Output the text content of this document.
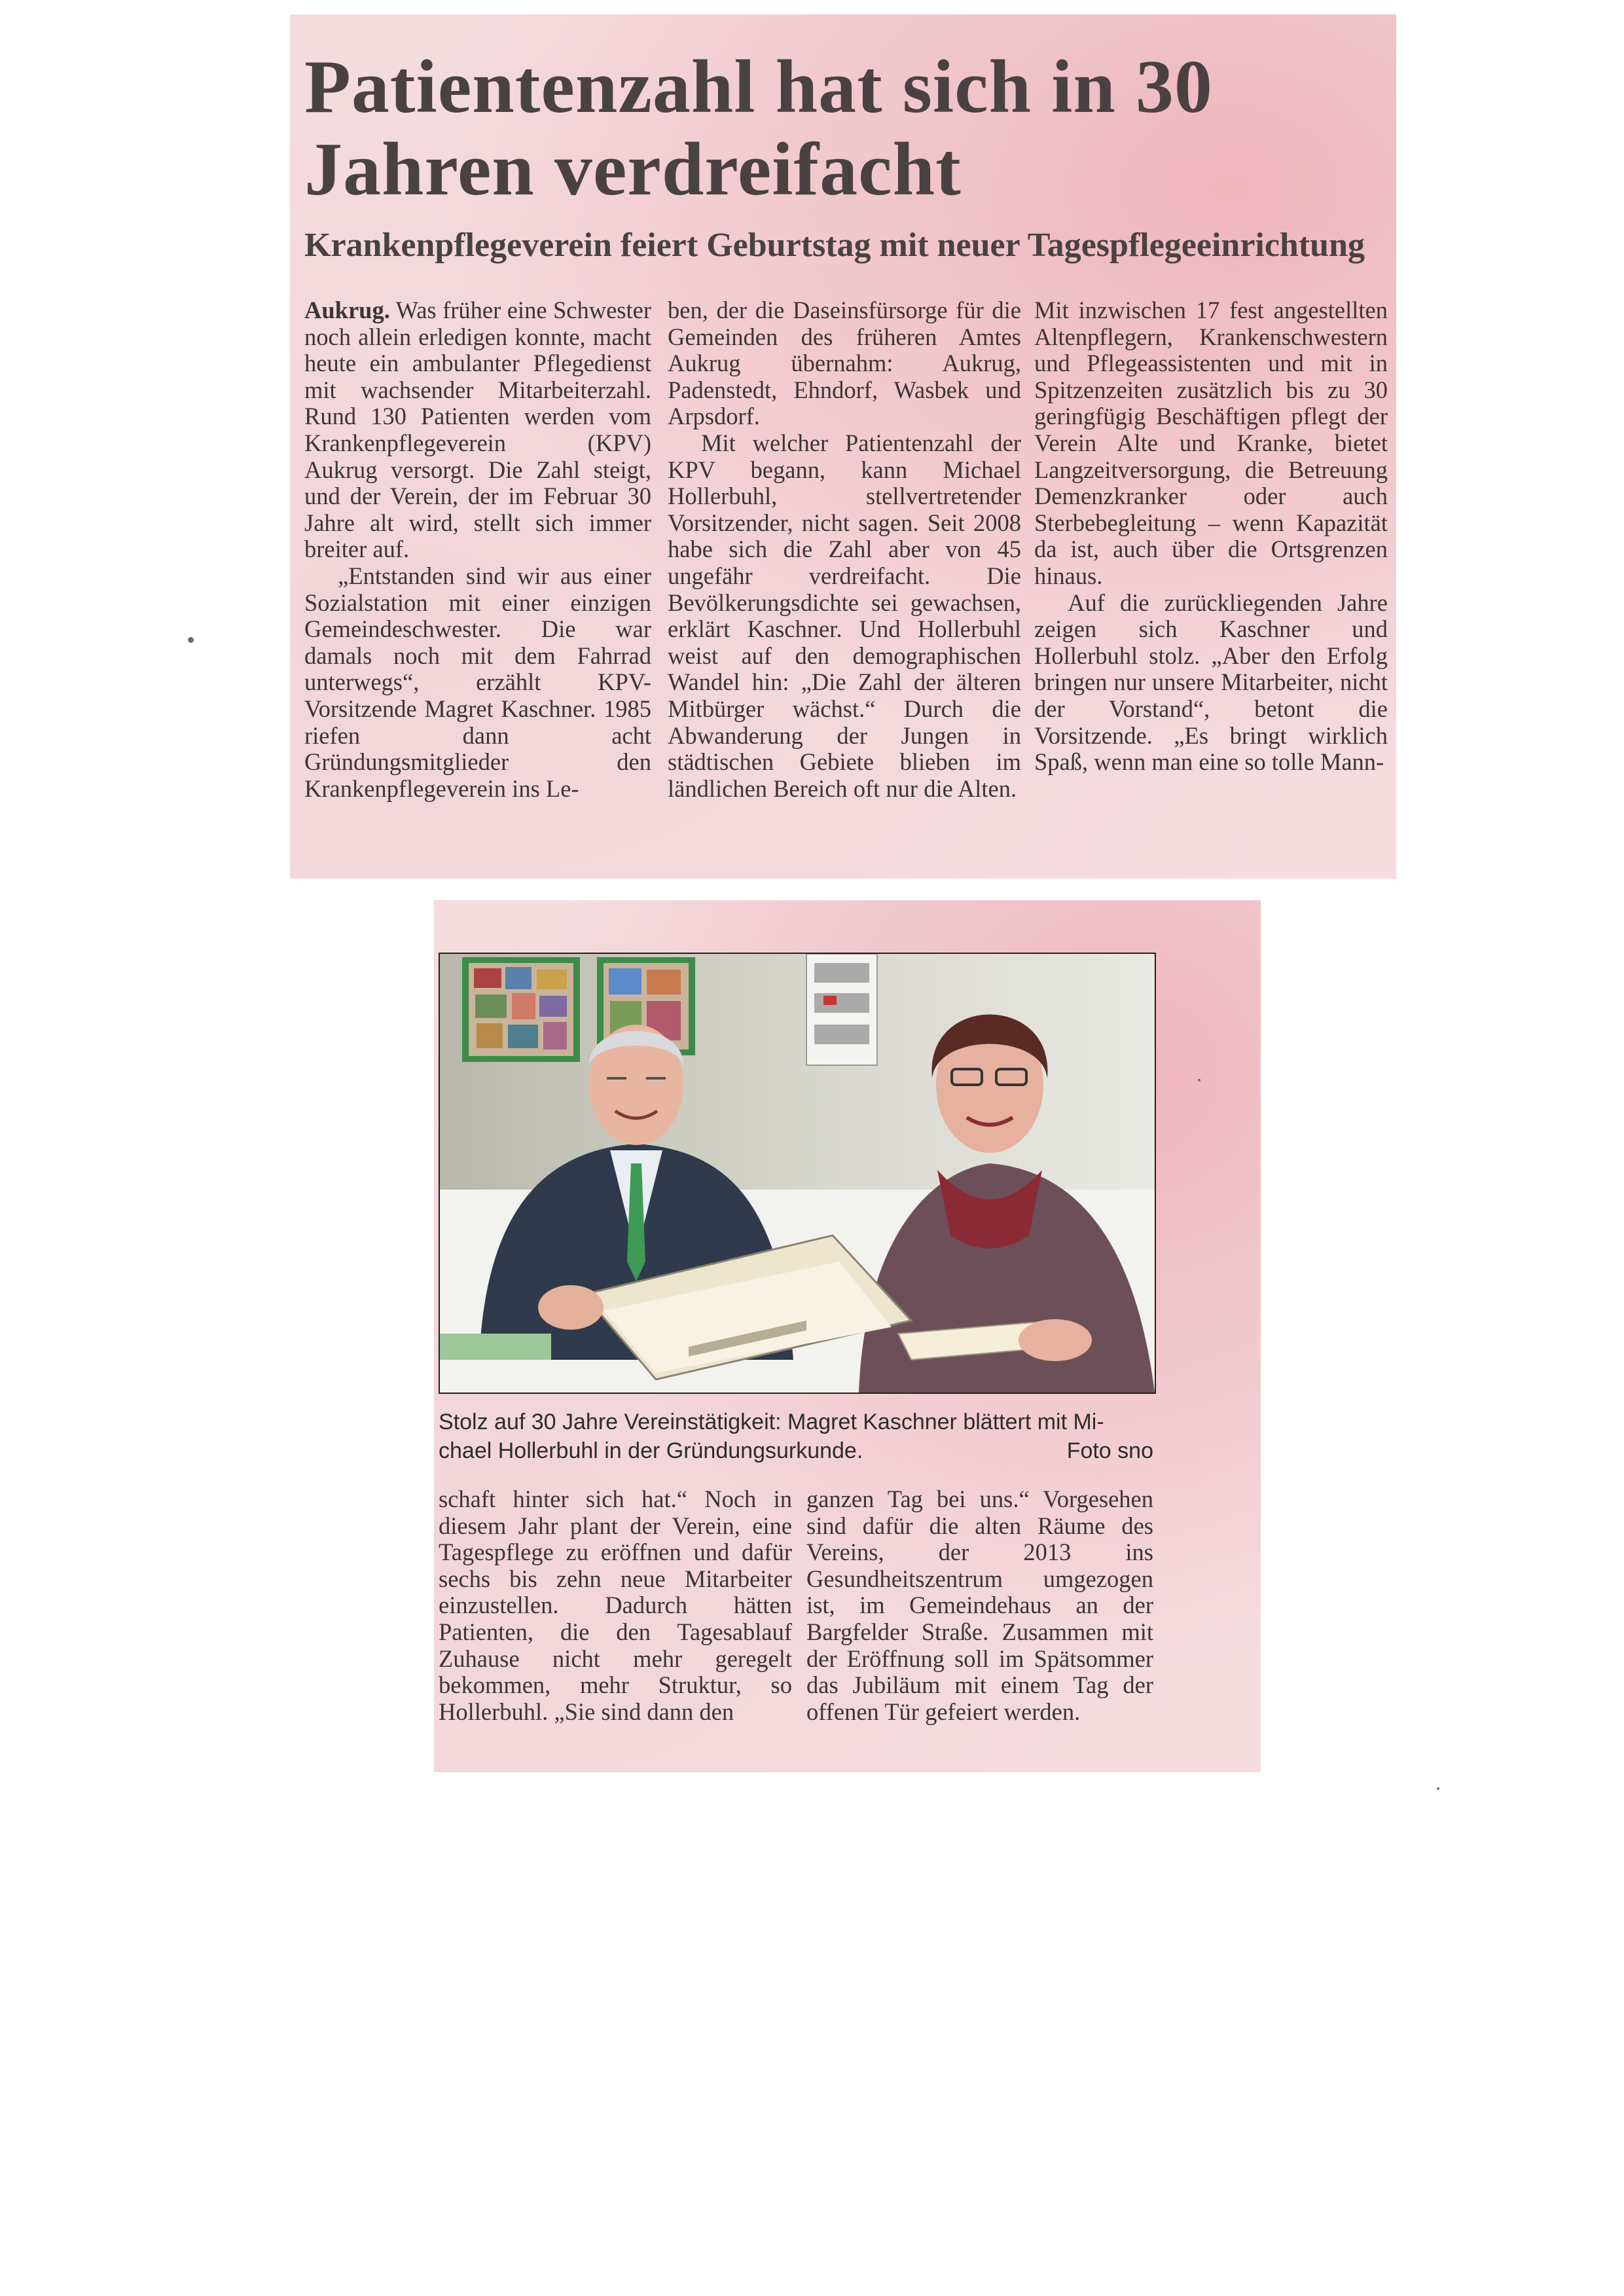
Patientenzahl hat sich in 30 Jahren verdreifacht
Krankenpflegeverein feiert Geburtstag mit neuer Tagespflegeeinrichtung

Aukrug. Was früher eine Schwester noch allein erledigen konnte, macht heute ein ambulanter Pflegedienst mit wachsender Mitarbeiterzahl. Rund 130 Patienten werden vom Krankenpflegeverein (KPV) Aukrug versorgt. Die Zahl steigt, und der Verein, der im Februar 30 Jahre alt wird, stellt sich immer breiter auf.

„Entstanden sind wir aus einer Sozialstation mit einer einzigen Gemeindeschwester. Die war damals noch mit dem Fahrrad unterwegs“, erzählt KPV-Vorsitzende Magret Kaschner. 1985 riefen dann acht Gründungsmitglieder den Krankenpflegeverein ins Le-

ben, der die Daseinsfürsorge für die Gemeinden des früheren Amtes Aukrug übernahm: Aukrug, Padenstedt, Ehndorf, Wasbek und Arpsdorf.

Mit welcher Patientenzahl der KPV begann, kann Michael Hollerbuhl, stellvertretender Vorsitzender, nicht sagen. Seit 2008 habe sich die Zahl aber von 45 ungefähr verdreifacht. Die Bevölkerungsdichte sei gewachsen, erklärt Kaschner. Und Hollerbuhl weist auf den demographischen Wandel hin: „Die Zahl der älteren Mitbürger wächst.“ Durch die Abwanderung der Jungen in städtischen Gebiete blieben im ländlichen Bereich oft nur die Alten.

Mit inzwischen 17 fest angestellten Altenpflegern, Krankenschwestern und Pflegeassistenten und mit in Spitzenzeiten zusätzlich bis zu 30 geringfügig Beschäftigen pflegt der Verein Alte und Kranke, bietet Langzeitversorgung, die Betreuung Demenzkranker oder auch Sterbebegleitung – wenn Kapazität da ist, auch über die Ortsgrenzen hinaus.

Auf die zurückliegenden Jahre zeigen sich Kaschner und Hollerbuhl stolz. „Aber den Erfolg bringen nur unsere Mitarbeiter, nicht der Vorstand“, betont die Vorsitzende. „Es bringt wirklich Spaß, wenn man eine so tolle Mann-

Stolz auf 30 Jahre Vereinstätigkeit: Magret Kaschner blättert mit Mi-
chael Hollerbuhl in der Gründungsurkunde.	Foto sno

schaft hinter sich hat.“ Noch in diesem Jahr plant der Verein, eine Tagespflege zu eröffnen und dafür sechs bis zehn neue Mitarbeiter einzustellen. Dadurch hätten Patienten, die den Tagesablauf Zuhause nicht mehr geregelt bekommen, mehr Struktur, so Hollerbuhl. „Sie sind dann den

ganzen Tag bei uns.“ Vorgesehen sind dafür die alten Räume des Vereins, der 2013 ins Gesundheitszentrum umgezogen ist, im Gemeindehaus an der Bargfelder Straße. Zusammen mit der Eröffnung soll im Spätsommer das Jubiläum mit einem Tag der offenen Tür gefeiert werden.
